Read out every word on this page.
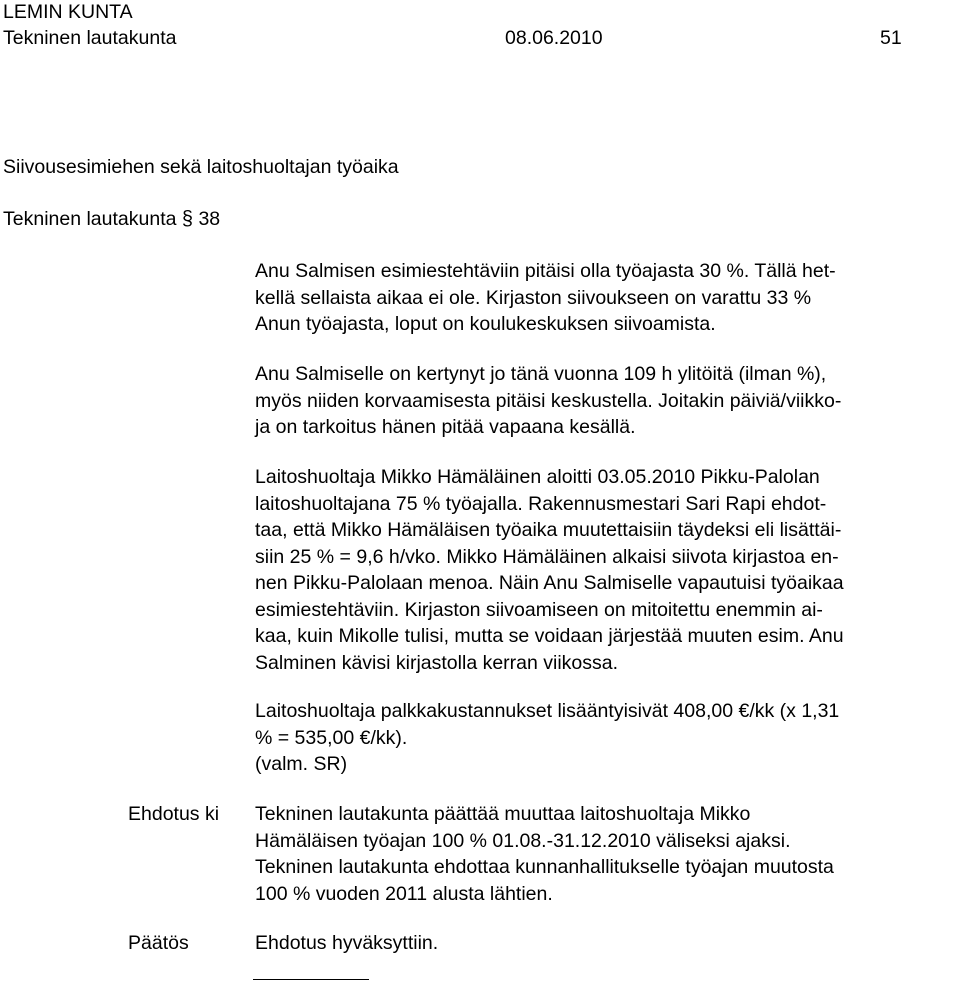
LEMIN KUNTA
Tekninen lautakunta	08.06.2010	51
Siivousesimiehen sekä laitoshuoltajan työaika
Tekninen lautakunta § 38
Anu Salmisen esimiestehtäviin pitäisi olla työajasta 30 %. Tällä het-
kellä sellaista aikaa ei ole. Kirjaston siivoukseen on varattu 33 %
Anun työajasta, loput on koulukeskuksen siivoamista.
Anu Salmiselle on kertynyt jo tänä vuonna 109 h ylitöitä (ilman %),
myös niiden korvaamisesta pitäisi keskustella. Joitakin päiviä/viikko-
ja on tarkoitus hänen pitää vapaana kesällä.
Laitoshuoltaja Mikko Hämäläinen aloitti 03.05.2010 Pikku-Palolan
laitoshuoltajana 75 % työajalla. Rakennusmestari Sari Rapi ehdot-
taa, että Mikko Hämäläisen työaika muutettaisiin täydeksi eli lisättäi-
siin 25 % = 9,6 h/vko. Mikko Hämäläinen alkaisi siivota kirjastoa en-
nen Pikku-Palolaan menoa. Näin Anu Salmiselle vapautuisi työaikaa
esimiestehtäviin. Kirjaston siivoamiseen on mitoitettu enemmin ai-
kaa, kuin Mikolle tulisi, mutta se voidaan järjestää muuten esim. Anu
Salminen kävisi kirjastolla kerran viikossa.
Laitoshuoltaja palkkakustannukset lisääntyisivät 408,00 €/kk (x 1,31
% = 535,00 €/kk).
(valm. SR)
Ehdotus ki Tekninen lautakunta päättää muuttaa laitoshuoltaja Mikko
Hämäläisen työajan 100 % 01.08.-31.12.2010 väliseksi ajaksi.
Tekninen lautakunta ehdottaa kunnanhallitukselle työajan muutosta
100 % vuoden 2011 alusta lähtien.
Päätös	Ehdotus hyväksyttiin.
